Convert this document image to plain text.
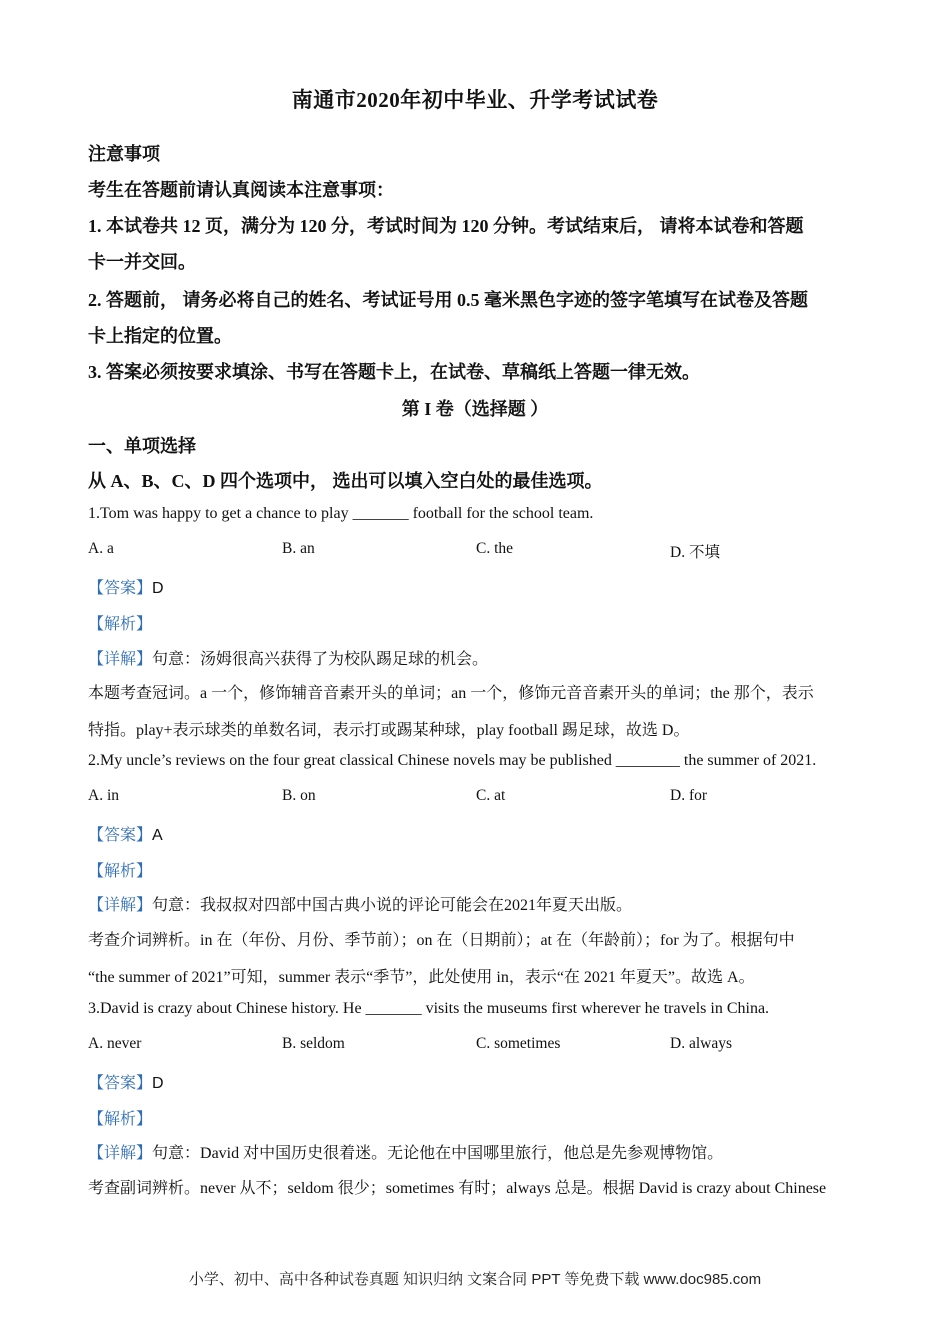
南通市2020年初中毕业、升学考试试卷
注意事项
考生在答题前请认真阅读本注意事项：
1. 本试卷共 12 页，满分为 120 分，考试时间为 120 分钟。考试结束后， 请将本试卷和答题
卡一并交回。
2. 答题前， 请务必将自己的姓名、考试证号用 0.5 毫米黑色字迹的签字笔填写在试卷及答题
卡上指定的位置。
3. 答案必须按要求填涂、书写在答题卡上，在试卷、草稿纸上答题一律无效。
第 I 卷（选择题 ）
一、单项选择
从 A、B、C、D 四个选项中， 选出可以填入空白处的最佳选项。
1.Tom was happy to get a chance to play _______ football for the school team.
A. a	B. an	C. the	D. 不填
【答案】D
【解析】
【详解】句意：汤姆很高兴获得了为校队踢足球的机会。
本题考查冠词。a 一个，修饰辅音音素开头的单词；an 一个，修饰元音音素开头的单词；the 那个，表示
特指。play+表示球类的单数名词，表示打或踢某种球，play football 踢足球，故选 D。
2.My uncle’s reviews on the four great classical Chinese novels may be published ________ the summer of 2021.
A. in	B. on	C. at	D. for
【答案】A
【解析】
【详解】句意：我叔叔对四部中国古典小说的评论可能会在2021年夏天出版。
考查介词辨析。in 在（年份、月份、季节前）；on 在（日期前）；at 在（年龄前）；for 为了。根据句中
“the summer of 2021”可知，summer 表示“季节”，此处使用 in，表示“在 2021 年夏天”。故选 A。
3.David is crazy about Chinese history. He _______ visits the museums first wherever he travels in China.
A. never	B. seldom	C. sometimes	D. always
【答案】D
【解析】
【详解】句意：David 对中国历史很着迷。无论他在中国哪里旅行，他总是先参观博物馆。
考查副词辨析。never 从不；seldom 很少；sometimes 有时；always 总是。根据 David is crazy about Chinese
小学、初中、高中各种试卷真题 知识归纳 文案合同 PPT 等免费下载 www.doc985.com
